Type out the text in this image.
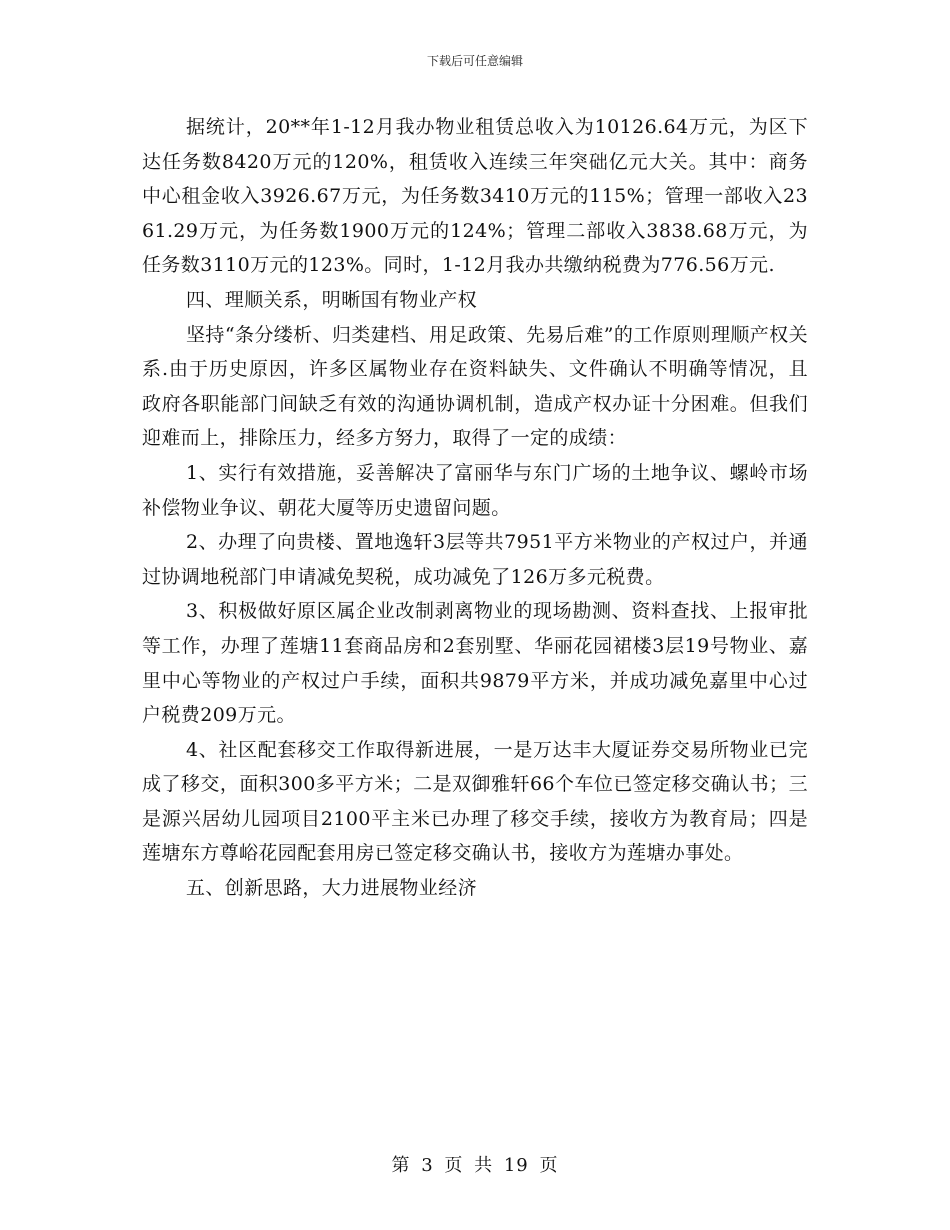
下载后可任意编辑

据统计，20**年1-12月我办物业租赁总收入为10126.64万元，为区下达任务数8420万元的120%，租赁收入连续三年突础亿元大关。其中：商务中心租金收入3926.67万元，为任务数3410万元的115%；管理一部收入2361.29万元，为任务数1900万元的124%；管理二部收入3838.68万元，为任务数3110万元的123%。同时，1-12月我办共缴纳税费为776.56万元.

四、理顺关系，明晰国有物业产权

坚持“条分缕析、归类建档、用足政策、先易后难”的工作原则理顺产权关系.由于历史原因，许多区属物业存在资料缺失、文件确认不明确等情况，且政府各职能部门间缺乏有效的沟通协调机制，造成产权办证十分困难。但我们迎难而上，排除压力，经多方努力，取得了一定的成绩：

1、实行有效措施，妥善解决了富丽华与东门广场的土地争议、螺岭市场补偿物业争议、朝花大厦等历史遗留问题。

2、办理了向贵楼、置地逸轩3层等共7951平方米物业的产权过户，并通过协调地税部门申请减免契税，成功减免了126万多元税费。

3、积极做好原区属企业改制剥离物业的现场勘测、资料查找、上报审批等工作，办理了莲塘11套商品房和2套别墅、华丽花园裙楼3层19号物业、嘉里中心等物业的产权过户手续，面积共9879平方米，并成功减免嘉里中心过户税费209万元。

4、社区配套移交工作取得新进展，一是万达丰大厦证券交易所物业已完成了移交，面积300多平方米；二是双御雅轩66个车位已签定移交确认书；三是源兴居幼儿园项目2100平主米已办理了移交手续，接收方为教育局；四是莲塘东方尊峪花园配套用房已签定移交确认书，接收方为莲塘办事处。

五、创新思路，大力进展物业经济

第 3 页 共 19 页
